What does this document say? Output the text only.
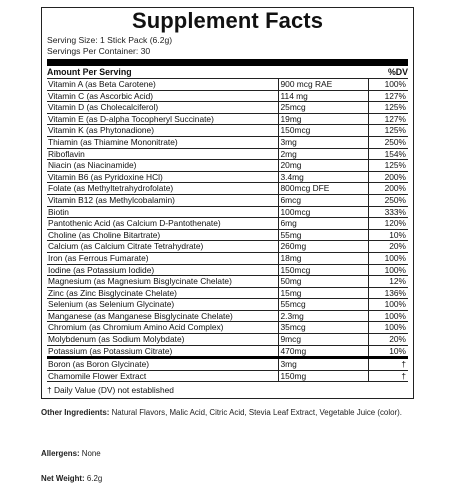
Supplement Facts
Serving Size: 1 Stick Pack (6.2g)
Servings Per Container: 30
Amount Per Serving	%DV
Vitamin A (as Beta Carotene)	900 mcg RAE	100%
Vitamin C (as Ascorbic Acid)	114 mg	127%
Vitamin D (as Cholecalciferol)	25mcg	125%
Vitamin E (as D-alpha Tocopheryl Succinate)	19mg	127%
Vitamin K (as Phytonadione)	150mcg	125%
Thiamin (as Thiamine Mononitrate)	3mg	250%
Riboflavin	2mg	154%
Niacin (as Niacinamide)	20mg	125%
Vitamin B6 (as Pyridoxine HCl)	3.4mg	200%
Folate (as Methyltetrahydrofolate)	800mcg DFE	200%
Vitamin B12 (as Methylcobalamin)	6mcg	250%
Biotin	100mcg	333%
Pantothenic Acid (as Calcium D-Pantothenate)	6mg	120%
Choline (as Choline Bitartrate)	55mg	10%
Calcium (as Calcium Citrate Tetrahydrate)	260mg	20%
Iron (as Ferrous Fumarate)	18mg	100%
Iodine (as Potassium Iodide)	150mcg	100%
Magnesium (as Magnesium Bisglycinate Chelate)	50mg	12%
Zinc (as Zinc Bisglycinate Chelate)	15mg	136%
Selenium (as Selenium Glycinate)	55mcg	100%
Manganese (as Manganese Bisglycinate Chelate)	2.3mg	100%
Chromium (as Chromium Amino Acid Complex)	35mcg	100%
Molybdenum (as Sodium Molybdate)	9mcg	20%
Potassium (as Potassium Citrate)	470mg	10%
Boron (as Boron Glycinate)	3mg	†
Chamomile Flower Extract	150mg	†
† Daily Value (DV) not established
Other Ingredients: Natural Flavors, Malic Acid, Citric Acid, Stevia Leaf Extract, Vegetable Juice (color).
Allergens: None
Net Weight: 6.2g
